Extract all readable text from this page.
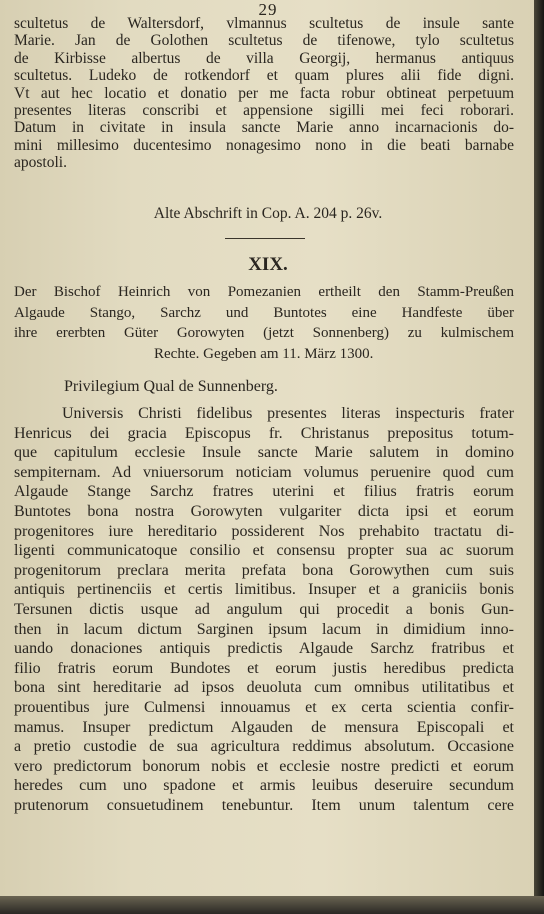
29
scultetus de Waltersdorf, vlmannus scultetus de insule sante
Marie. Jan de Golothen scultetus de tifenowe, tylo scultetus
de Kirbisse albertus de villa Georgij, hermanus antiquus
scultetus. Ludeko de rotkendorf et quam plures alii fide digni.
Vt aut hec locatio et donatio per me facta robur obtineat perpetuum
presentes literas conscribi et appensione sigilli mei feci roborari.
Datum in civitate in insula sancte Marie anno incarnacionis do-
mini millesimo ducentesimo nonagesimo nono in die beati barnabe
apostoli.
Alte Abschrift in Cop. A. 204 p. 26v.
XIX.
Der Bischof Heinrich von Pomezanien ertheilt den Stamm-Preußen
Algaude Stango, Sarchz und Buntotes eine Handfeste über
ihre ererbten Güter Gorowyten (jetzt Sonnenberg) zu kulmischem
Rechte. Gegeben am 11. März 1300.
Privilegium Qual de Sunnenberg.
Universis Christi fidelibus presentes literas inspecturis frater
Henricus dei gracia Episcopus fr. Christanus prepositus totum-
que capitulum ecclesie Insule sancte Marie salutem in domino
sempiternam. Ad vniuersorum noticiam volumus peruenire quod cum
Algaude Stange Sarchz fratres uterini et filius fratris eorum
Buntotes bona nostra Gorowyten vulgariter dicta ipsi et eorum
progenitores iure hereditario possiderent Nos prehabito tractatu di-
ligenti communicatoque consilio et consensu propter sua ac suorum
progenitorum preclara merita prefata bona Gorowythen cum suis
antiquis pertinenciis et certis limitibus. Insuper et a graniciis bonis
Tersunen dictis usque ad angulum qui procedit a bonis Gun-
then in lacum dictum Sarginen ipsum lacum in dimidium inno-
uando donaciones antiquis predictis Algaude Sarchz fratribus et
filio fratris eorum Bundotes et eorum justis heredibus predicta
bona sint hereditarie ad ipsos deuoluta cum omnibus utilitatibus et
prouentibus jure Culmensi innouamus et ex certa scientia confir-
mamus. Insuper predictum Algauden de mensura Episcopali et
a pretio custodie de sua agricultura reddimus absolutum. Occasione
vero predictorum bonorum nobis et ecclesie nostre predicti et eorum
heredes cum uno spadone et armis leuibus deseruire secundum
prutenorum consuetudinem tenebuntur. Item unum talentum cere
